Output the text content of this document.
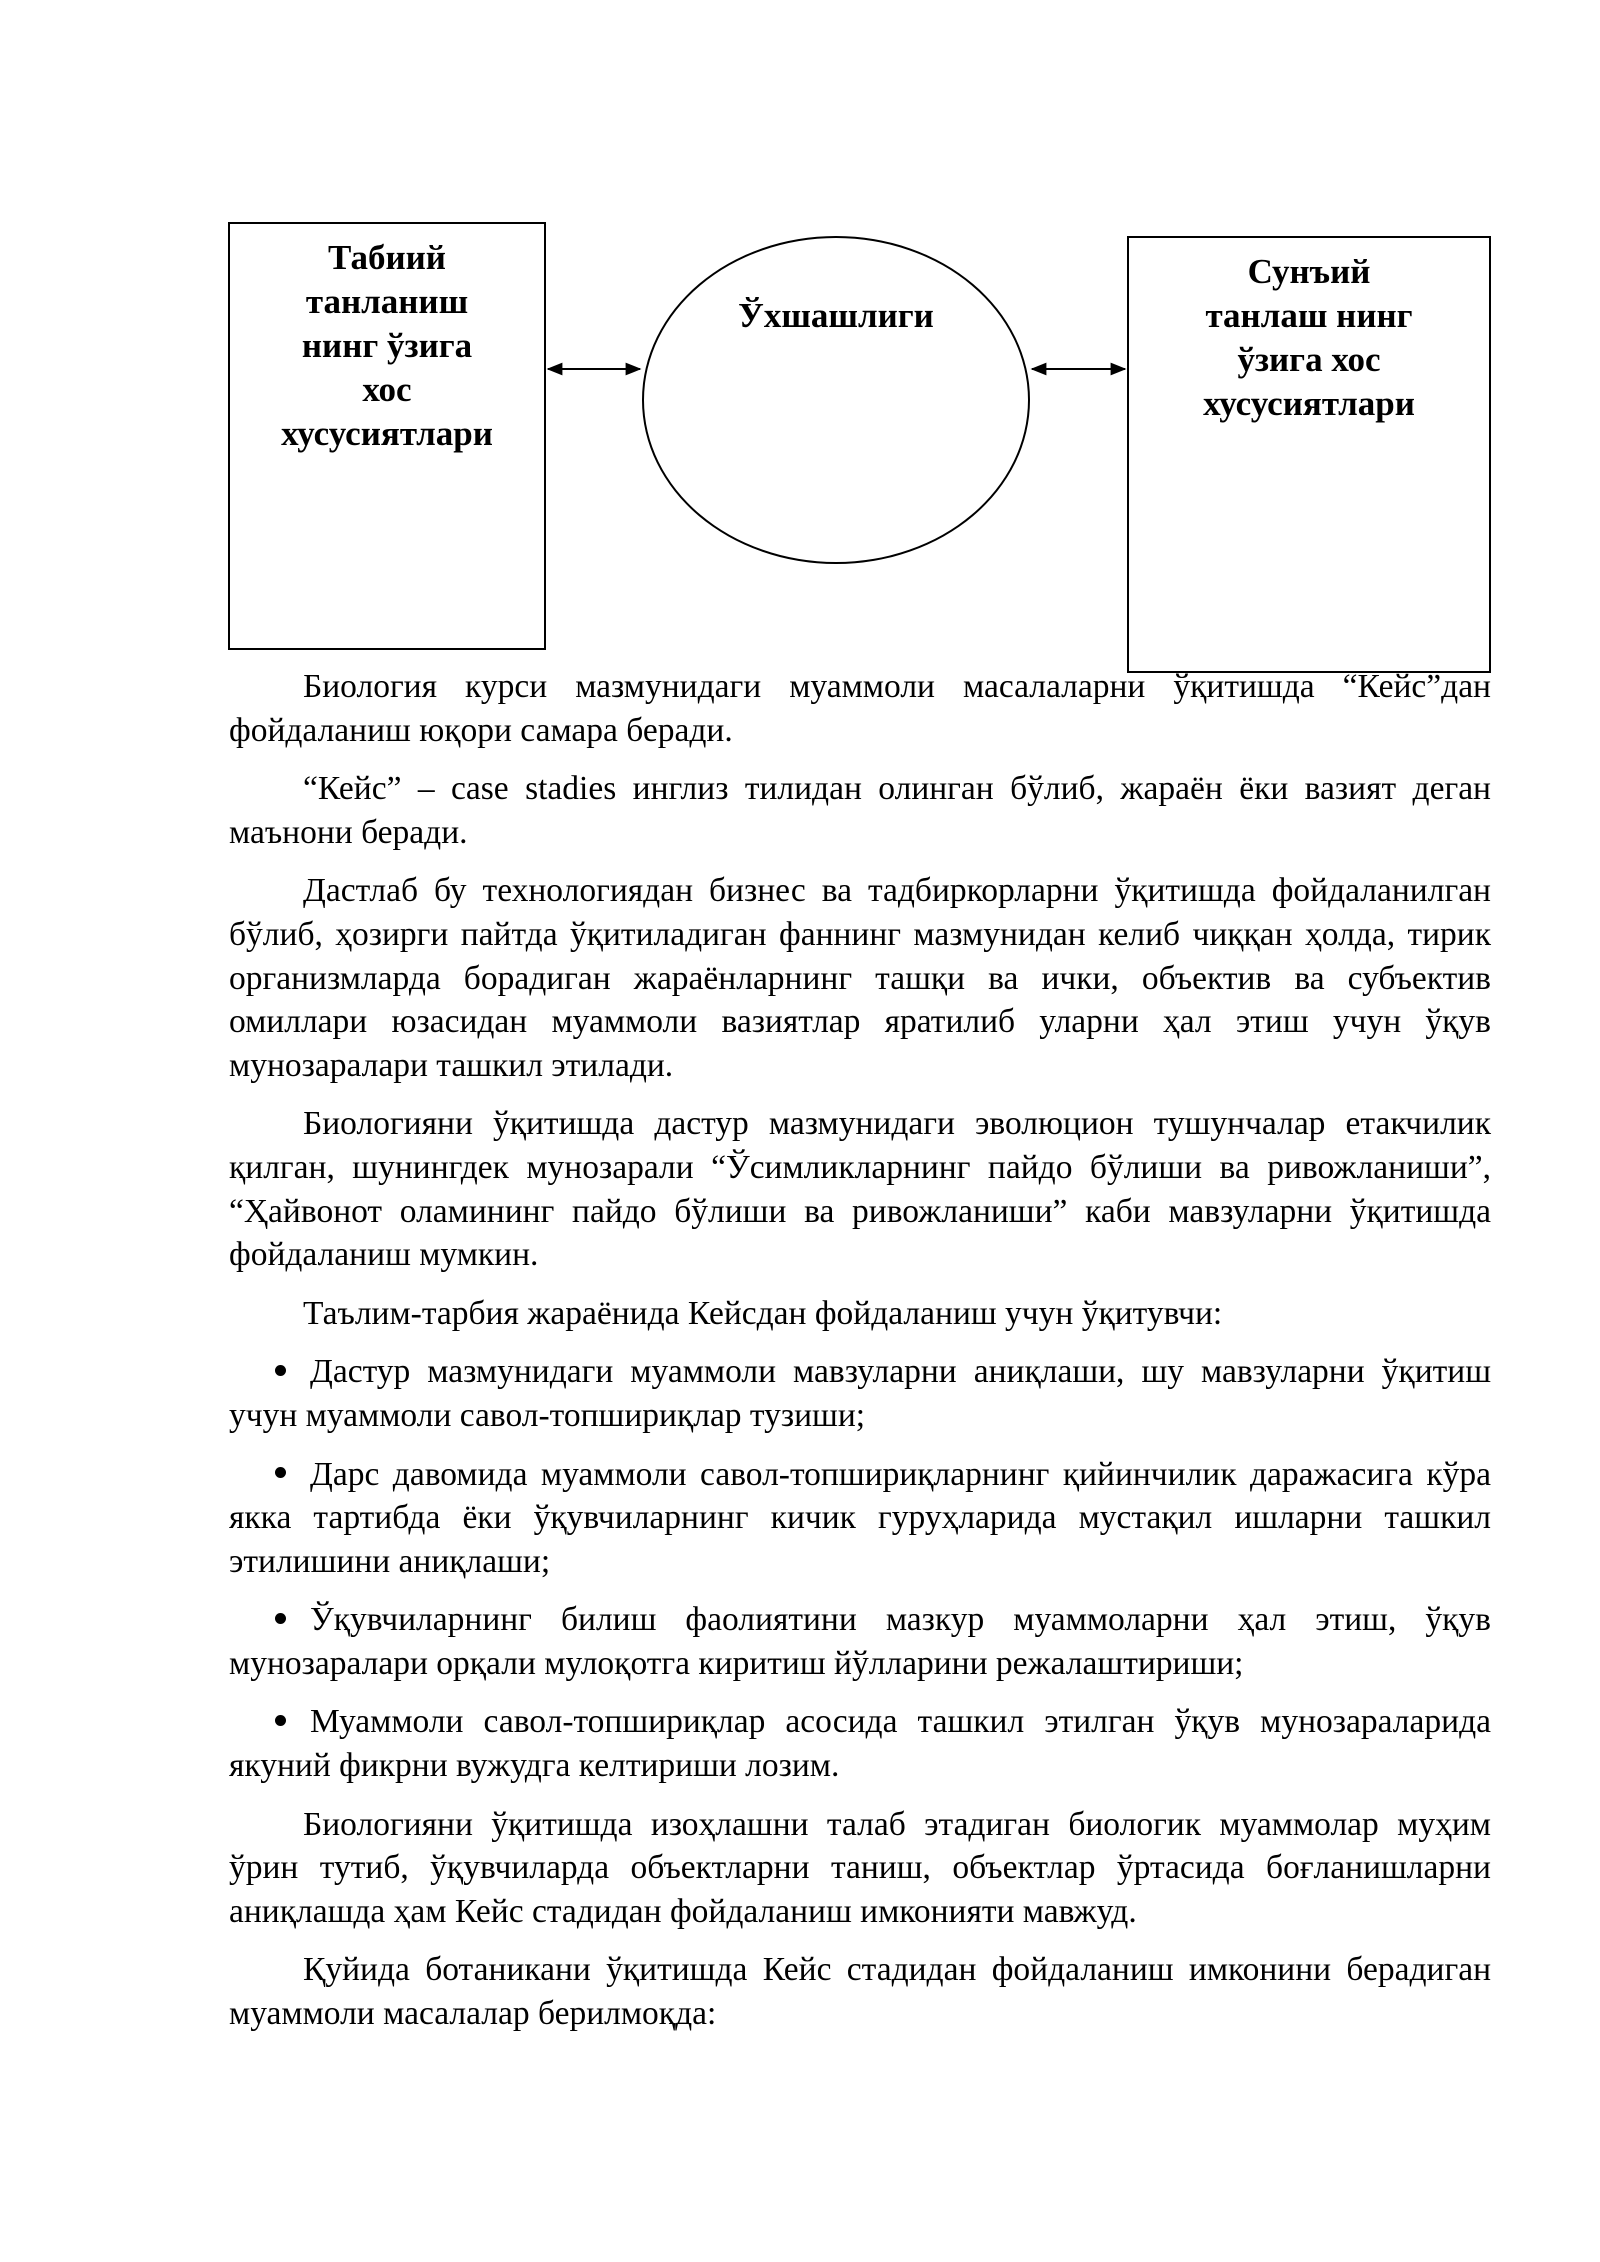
Табиий
танланиш
нинг ўзига
хос
хусусиятлари
Ўхшашлиги
Сунъий
танлаш нинг
ўзига хос
хусусиятлари

Биология курси мазмунидаги муаммоли масалаларни ўқитишда “Кейс”дан фойдаланиш юқори самара беради.

“Кейс” – case stadies инглиз тилидан олинган бўлиб, жараён ёки вазият деган маънони беради.

Дастлаб бу технологиядан бизнес ва тадбиркорларни ўқитишда фойдаланилган бўлиб, ҳозирги пайтда ўқитиладиган фаннинг мазмунидан келиб чиққан ҳолда, тирик организмларда борадиган жараёнларнинг ташқи ва ички, объектив ва субъектив омиллари юзасидан муаммоли вазиятлар яратилиб уларни ҳал этиш учун ўқув мунозаралари ташкил этилади.

Биологияни ўқитишда дастур мазмунидаги эволюцион тушунчалар етакчилик қилган, шунингдек мунозарали “Ўсимликларнинг пайдо бўлиши ва ривожланиши”, “Ҳайвонот оламининг пайдо бўлиши ва ривожланиши” каби мавзуларни ўқитишда фойдаланиш мумкин.

Таълим-тарбия жараёнида Кейсдан фойдаланиш учун ўқитувчи:

Дастур мазмунидаги муаммоли мавзуларни аниқлаши, шу мавзуларни ўқитиш учун муаммоли савол-топшириқлар тузиши;

Дарс давомида муаммоли савол-топшириқларнинг қийинчилик даражасига кўра якка тартибда ёки ўқувчиларнинг кичик гуруҳларида мустақил ишларни ташкил этилишини аниқлаши;

Ўқувчиларнинг билиш фаолиятини мазкур муаммоларни ҳал этиш, ўқув мунозаралари орқали мулоқотга киритиш йўлларини режалаштириши;

Муаммоли савол-топшириқлар асосида ташкил этилган ўқув мунозараларида якуний фикрни вужудга келтириши лозим.

Биологияни ўқитишда изоҳлашни талаб этадиган биологик муаммолар муҳим ўрин тутиб, ўқувчиларда объектларни таниш, объектлар ўртасида боғланишларни аниқлашда ҳам Кейс стадидан фойдаланиш имконияти мавжуд.

Қуйида ботаникани ўқитишда Кейс стадидан фойдаланиш имконини берадиган муаммоли масалалар берилмоқда:
